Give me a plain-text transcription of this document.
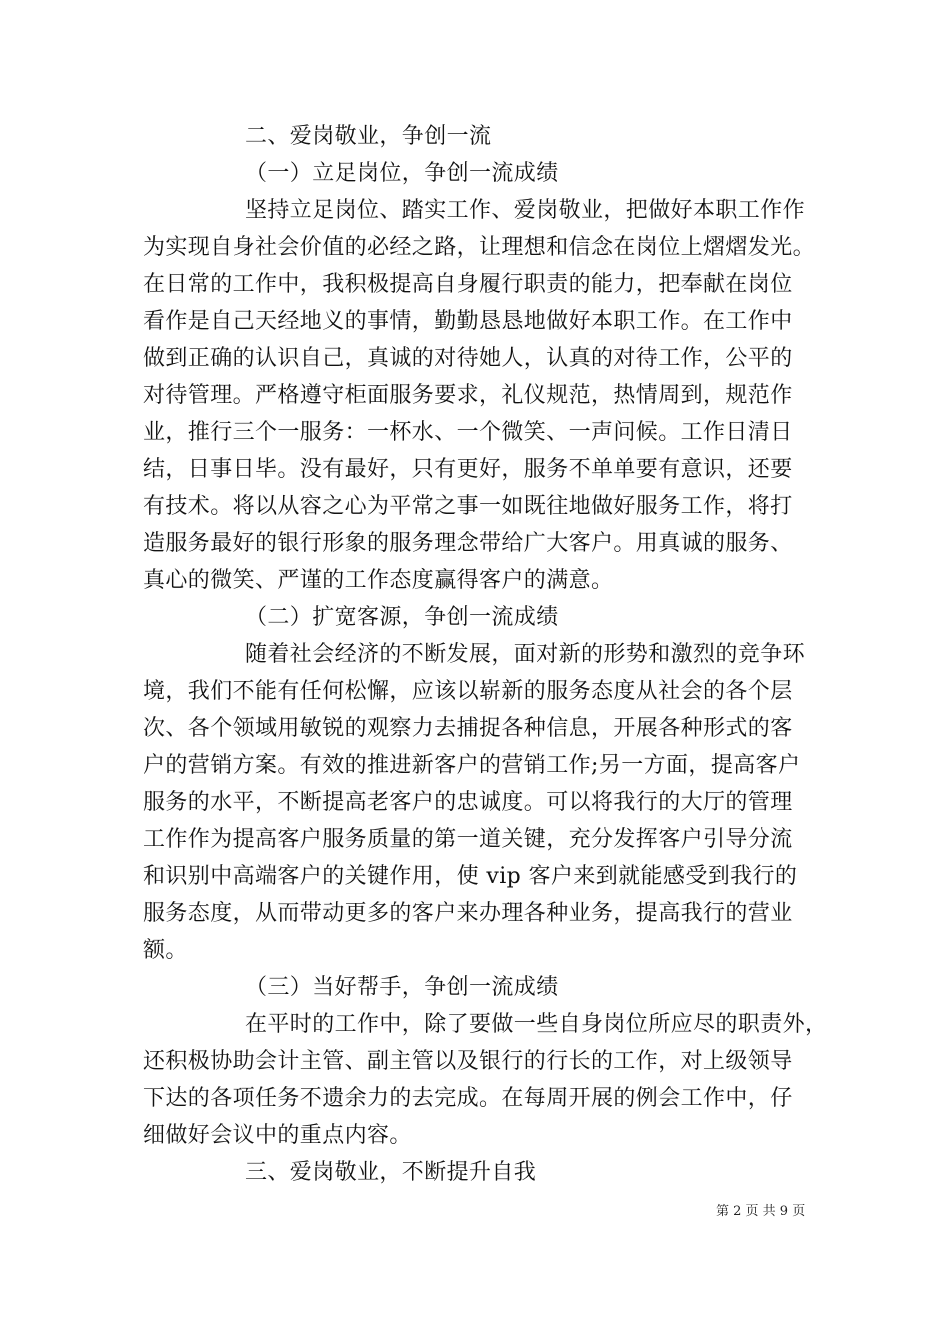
二、爱岗敬业，争创一流
（一）立足岗位，争创一流成绩
坚持立足岗位、踏实工作、爱岗敬业，把做好本职工作作
为实现自身社会价值的必经之路，让理想和信念在岗位上熠熠发光。
在日常的工作中，我积极提高自身履行职责的能力，把奉献在岗位
看作是自己天经地义的事情，勤勤恳恳地做好本职工作。在工作中
做到正确的认识自己，真诚的对待她人，认真的对待工作，公平的
对待管理。严格遵守柜面服务要求，礼仪规范，热情周到，规范作
业，推行三个一服务：一杯水、一个微笑、一声问候。工作日清日
结，日事日毕。没有最好，只有更好，服务不单单要有意识，还要
有技术。将以从容之心为平常之事一如既往地做好服务工作，将打
造服务最好的银行形象的服务理念带给广大客户。用真诚的服务、
真心的微笑、严谨的工作态度赢得客户的满意。
（二）扩宽客源，争创一流成绩
随着社会经济的不断发展，面对新的形势和激烈的竞争环
境，我们不能有任何松懈，应该以崭新的服务态度从社会的各个层
次、各个领域用敏锐的观察力去捕捉各种信息，开展各种形式的客
户的营销方案。有效的推进新客户的营销工作;另一方面，提高客户
服务的水平，不断提高老客户的忠诚度。可以将我行的大厅的管理
工作作为提高客户服务质量的第一道关键，充分发挥客户引导分流
和识别中高端客户的关键作用，使 vip 客户来到就能感受到我行的
服务态度，从而带动更多的客户来办理各种业务，提高我行的营业
额。
（三）当好帮手，争创一流成绩
在平时的工作中，除了要做一些自身岗位所应尽的职责外，
还积极协助会计主管、副主管以及银行的行长的工作，对上级领导
下达的各项任务不遗余力的去完成。在每周开展的例会工作中，仔
细做好会议中的重点内容。
三、爱岗敬业，不断提升自我
第 2 页 共 9 页
